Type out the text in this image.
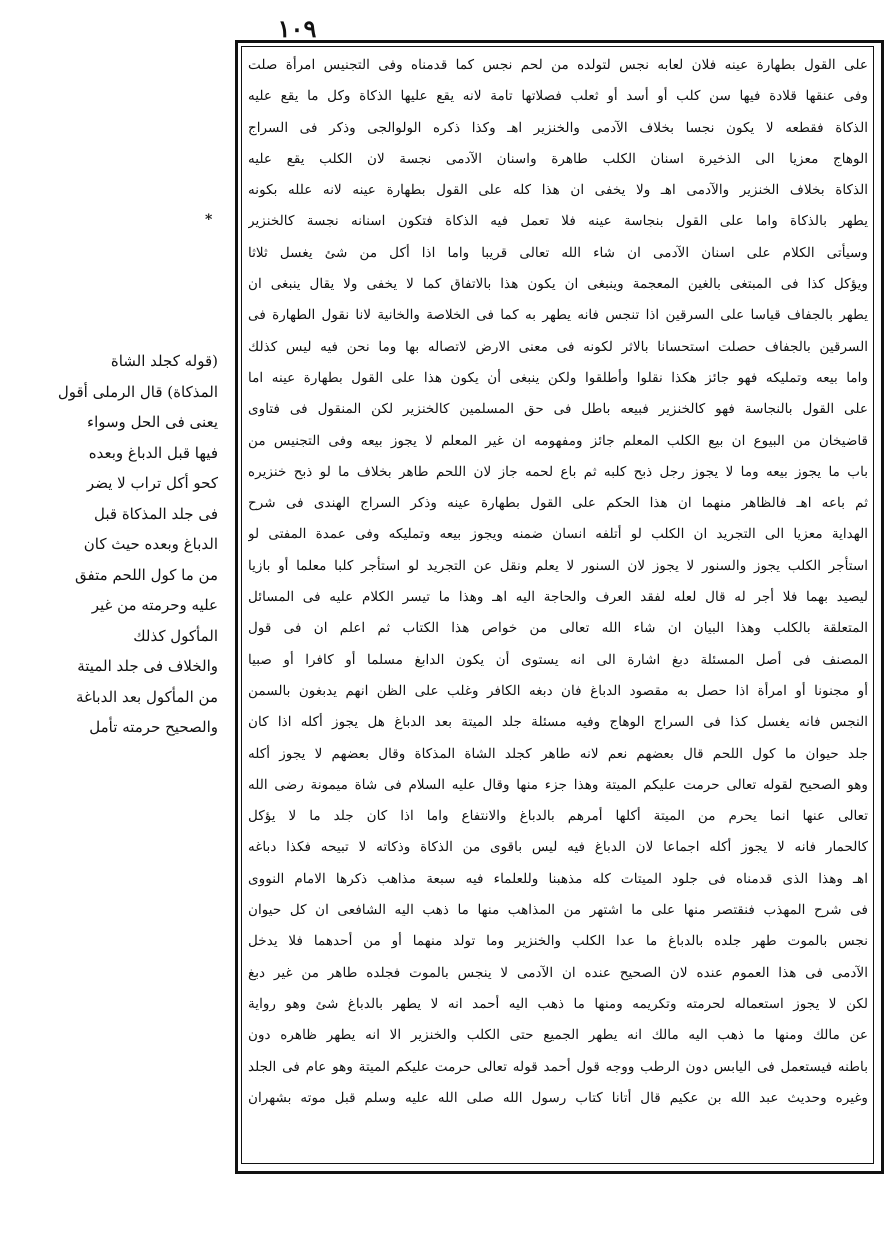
١٠٩
على القول بطهارة عينه فلان لعابه نجس لتولده من لحم نجس كما قدمناه وفى التجنيس امرأة صلت
وفى عنقها قلادة فيها سن كلب أو أسد أو ثعلب فصلاتها تامة لانه يقع عليها الذكاة وكل ما يقع عليه
الذكاة فقطعه لا يكون نجسا بخلاف الآدمى والخنزير اهـ وكذا ذكره الولوالجى وذكر فى السراج
الوهاج معزيا الى الذخيرة اسنان الكلب طاهرة واسنان الآدمى نجسة لان الكلب يقع عليه
الذكاة بخلاف الخنزير والآدمى اهـ ولا يخفى ان هذا كله على القول بطهارة عينه لانه علله بكونه
يطهر بالذكاة واما على القول بنجاسة عينه فلا تعمل فيه الذكاة فتكون اسنانه نجسة كالخنزير
وسيأتى الكلام على اسنان الآدمى ان شاء الله تعالى قريبا واما اذا أكل من شئ يغسل ثلاثا
ويؤكل كذا فى المبتغى بالغين المعجمة وينبغى ان يكون هذا بالاتفاق كما لا يخفى ولا يقال ينبغى ان
يطهر بالجفاف قياسا على السرقين اذا تنجس فانه يطهر به كما فى الخلاصة والخانية لانا نقول الطهارة فى
السرقين بالجفاف حصلت استحسانا بالاثر لكونه فى معنى الارض لاتصاله بها وما نحن فيه ليس كذلك
واما بيعه وتمليكه فهو جائز هكذا نقلوا وأطلقوا ولكن ينبغى أن يكون هذا على القول بطهارة عينه اما
على القول بالنجاسة فهو كالخنزير فبيعه باطل فى حق المسلمين كالخنزير لكن المنقول فى فتاوى
قاضيخان من البيوع ان بيع الكلب المعلم جائز ومفهومه ان غير المعلم لا يجوز بيعه وفى التجنيس من
باب ما يجوز بيعه وما لا يجوز رجل ذبح كلبه ثم باع لحمه جاز لان اللحم طاهر بخلاف ما لو ذبح خنزيره
ثم باعه اهـ فالظاهر منهما ان هذا الحكم على القول بطهارة عينه وذكر السراج الهندى فى شرح
الهداية معزيا الى التجريد ان الكلب لو أتلفه انسان ضمنه ويجوز بيعه وتمليكه وفى عمدة المفتى لو
استأجر الكلب يجوز والسنور لا يجوز لان السنور لا يعلم ونقل عن التجريد لو استأجر كلبا معلما أو بازيا
ليصيد بهما فلا أجر له قال لعله لفقد العرف والحاجة اليه اهـ وهذا ما تيسر الكلام عليه فى المسائل
المتعلقة بالكلب وهذا البيان ان شاء الله تعالى من خواص هذا الكتاب ثم اعلم ان فى قول
المصنف فى أصل المسئلة دبغ اشارة الى انه يستوى أن يكون الدابغ مسلما أو كافرا أو صبيا
أو مجنونا أو امرأة اذا حصل به مقصود الدباغ فان دبغه الكافر وغلب على الظن انهم يدبغون بالسمن
النجس فانه يغسل كذا فى السراج الوهاج وفيه مسئلة جلد الميتة بعد الدباغ هل يجوز أكله اذا كان
جلد حيوان ما كول اللحم قال بعضهم نعم لانه طاهر كجلد الشاة المذكاة وقال بعضهم لا يجوز أكله
وهو الصحيح لقوله تعالى حرمت عليكم الميتة وهذا جزء منها وقال عليه السلام فى شاة ميمونة رضى الله
تعالى عنها انما يحرم من الميتة أكلها أمرهم بالدباغ والانتفاع واما اذا كان جلد ما لا يؤكل
كالحمار فانه لا يجوز أكله اجماعا لان الدباغ فيه ليس باقوى من الذكاة وذكاته لا تبيحه فكذا دباغه
اهـ وهذا الذى قدمناه فى جلود الميتات كله مذهبنا وللعلماء فيه سبعة مذاهب ذكرها الامام النووى
فى شرح المهذب فنقتصر منها على ما اشتهر من المذاهب منها ما ذهب اليه الشافعى ان كل حيوان
نجس بالموت طهر جلده بالدباغ ما عدا الكلب والخنزير وما تولد منهما أو من أحدهما فلا يدخل
الآدمى فى هذا العموم عنده لان الصحيح عنده ان الآدمى لا ينجس بالموت فجلده طاهر من غير دبغ
لكن لا يجوز استعماله لحرمته وتكريمه ومنها ما ذهب اليه أحمد انه لا يطهر بالدباغ شئ وهو رواية
عن مالك ومنها ما ذهب اليه مالك انه يطهر الجميع حتى الكلب والخنزير الا انه يطهر ظاهره دون
باطنه فيستعمل فى اليابس دون الرطب ووجه قول أحمد قوله تعالى حرمت عليكم الميتة وهو عام فى الجلد
وغيره وحديث عبد الله بن عكيم قال أتانا كتاب رسول الله صلى الله عليه وسلم قبل موته بشهران
*
(قوله كجلد الشاة
المذكاة) قال الرملى أقول
يعنى فى الحل وسواء
فيها قبل الدباغ وبعده
كحو أكل تراب لا يضر
فى جلد المذكاة قبل
الدباغ وبعده حيث كان
من ما كول اللحم متفق
عليه وحرمته من غير
المأكول كذلك
والخلاف فى جلد الميتة
من المأكول بعد الدباغة
والصحيح حرمته تأمل
